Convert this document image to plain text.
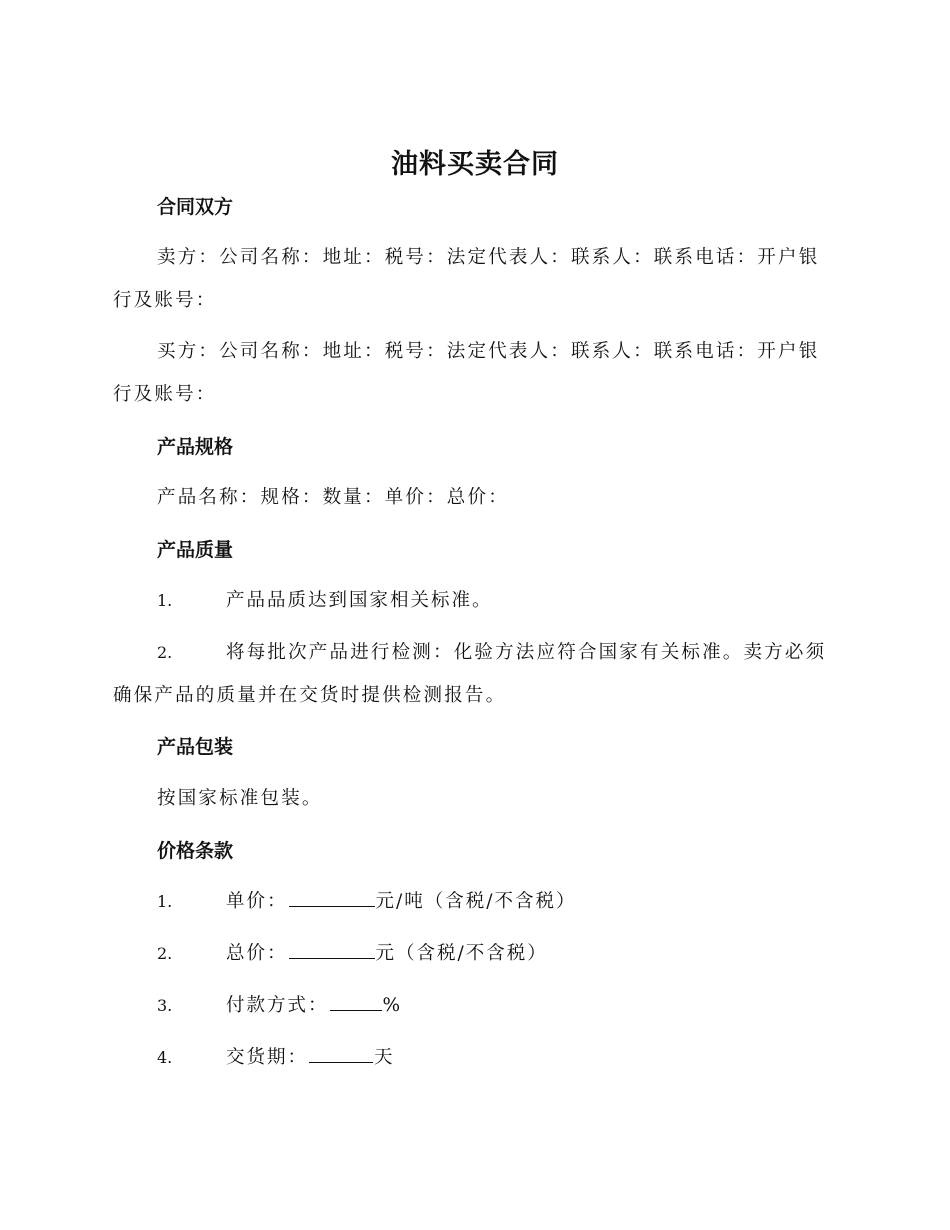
油料买卖合同
合同双方

卖方：公司名称：地址：税号：法定代表人：联系人：联系电话：开户银行及账号：

买方：公司名称：地址：税号：法定代表人：联系人：联系电话：开户银行及账号：

产品规格

产品名称：规格：数量：单价：总价：

产品质量

1.	产品品质达到国家相关标准。

2.	将每批次产品进行检测：化验方法应符合国家有关标准。卖方必须确保产品的质量并在交货时提供检测报告。

产品包装

按国家标准包装。

价格条款

1.	单价：	元/吨（含税/不含税）

2.	总价：	元（含税/不含税）

3.	付款方式：	%

4.	交货期：	天
